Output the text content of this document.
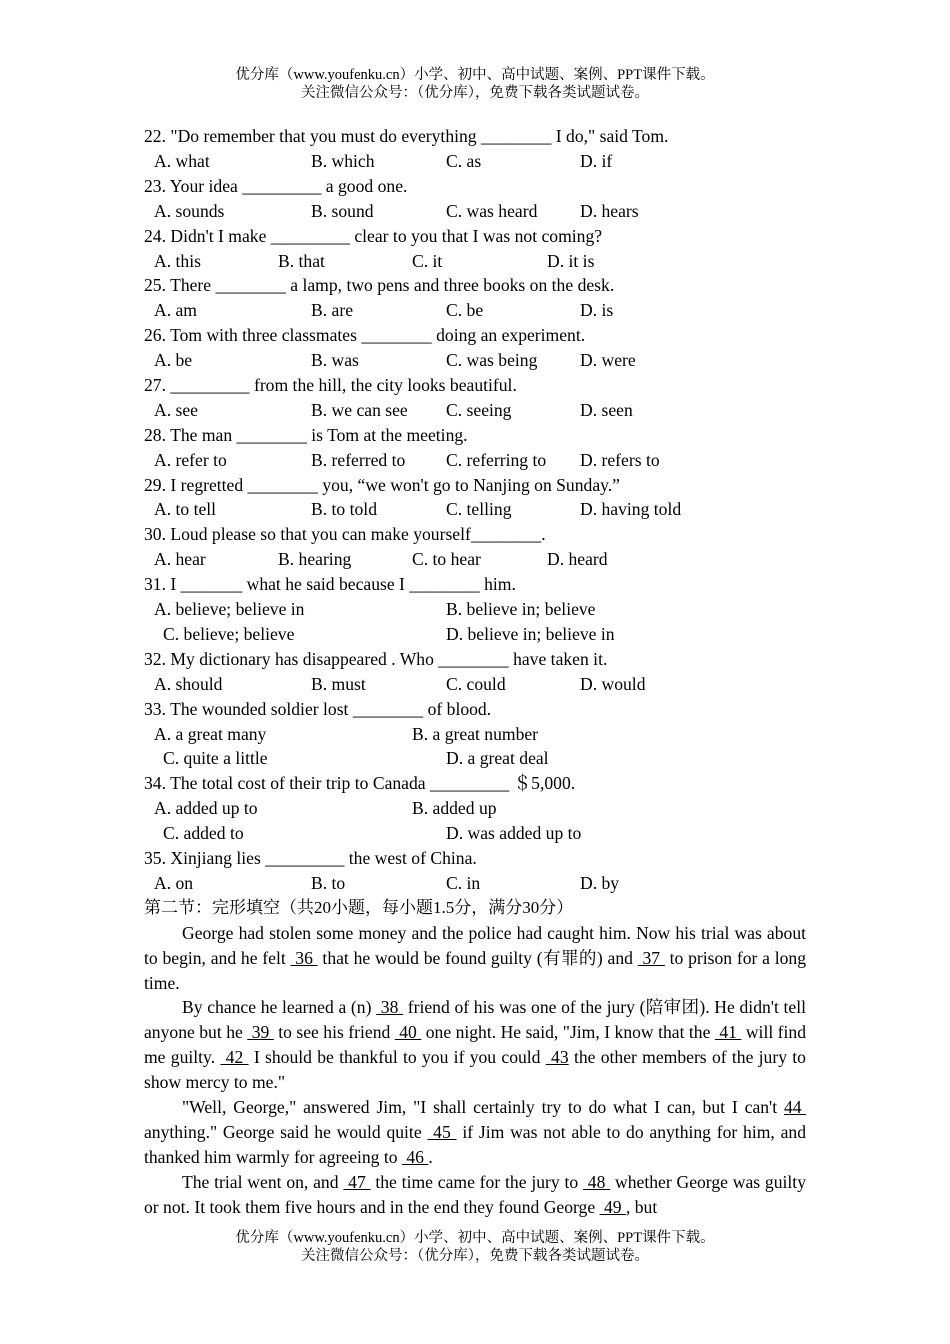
优分库（www.youfenku.cn）小学、初中、高中试题、案例、PPT课件下载。
关注微信公众号：（优分库），免费下载各类试题试卷。
22. "Do remember that you must do everything ________ I do," said Tom.
A. what	B. which	C. as	D. if
23. Your idea _________ a good one.
A. sounds	B. sound	C. was heard D. hears
24. Didn't I make _________ clear to you that I was not coming?
A. this	B. that	C. it	D. it is
25. There ________ a lamp, two pens and three books on the desk.
A. am	B. are	C. be	D. is
26. Tom with three classmates ________ doing an experiment.
A. be	B. was	C. was being D. were
27. _________ from the hill, the city looks beautiful.
A. see	B. we can see C. seeing	D. seen
28. The man ________ is Tom at the meeting.
A. refer to	B. referred to C. referring to D. refers to
29. I regretted ________ you, “we won't go to Nanjing on Sunday.”
A. to tell	B. to told	C. telling	D. having told
30. Loud please so that you can make yourself________.
A. hear	B. hearing	C. to hear	D. heard
31. I _______ what he said because I ________ him.
A. believe; believe in	B. believe in; believe
C. believe; believe	D. believe in; believe in
32. My dictionary has disappeared . Who ________ have taken it.
A. should	B. must	C. could	D. would
33. The wounded soldier lost ________ of blood.
A. a great many	B. a great number
C. quite a little	D. a great deal
34. The total cost of their trip to Canada _________ ＄5,000.
A. added up to	B. added up
C. added to	D. was added up to
35. Xinjiang lies _________ the west of China.
A. on	B. to	C. in	D. by
第二节：完形填空（共20小题，每小题1.5分，满分30分）
George had stolen some money and the police had caught him. Now his trial was about to begin, and he felt  36  that he would be found guilty (有罪的) and  37  to prison for a long time.
By chance he learned a (n)  38  friend of his was one of the jury (陪审团). He didn't tell anyone but he  39  to see his friend  40  one night. He said, "Jim, I know that the  41  will find me guilty.  42  I should be thankful to you if you could  43 the other members of the jury to show mercy to me."
"Well, George," answered Jim, "I shall certainly try to do what I can, but I can't 44  anything." George said he would quite  45  if Jim was not able to do anything for him, and thanked him warmly for agreeing to  46 .
The trial went on, and  47  the time came for the jury to  48  whether George was guilty or not. It took them five hours and in the end they found George  49 , but
优分库（www.youfenku.cn）小学、初中、高中试题、案例、PPT课件下载。
关注微信公众号：（优分库），免费下载各类试题试卷。
